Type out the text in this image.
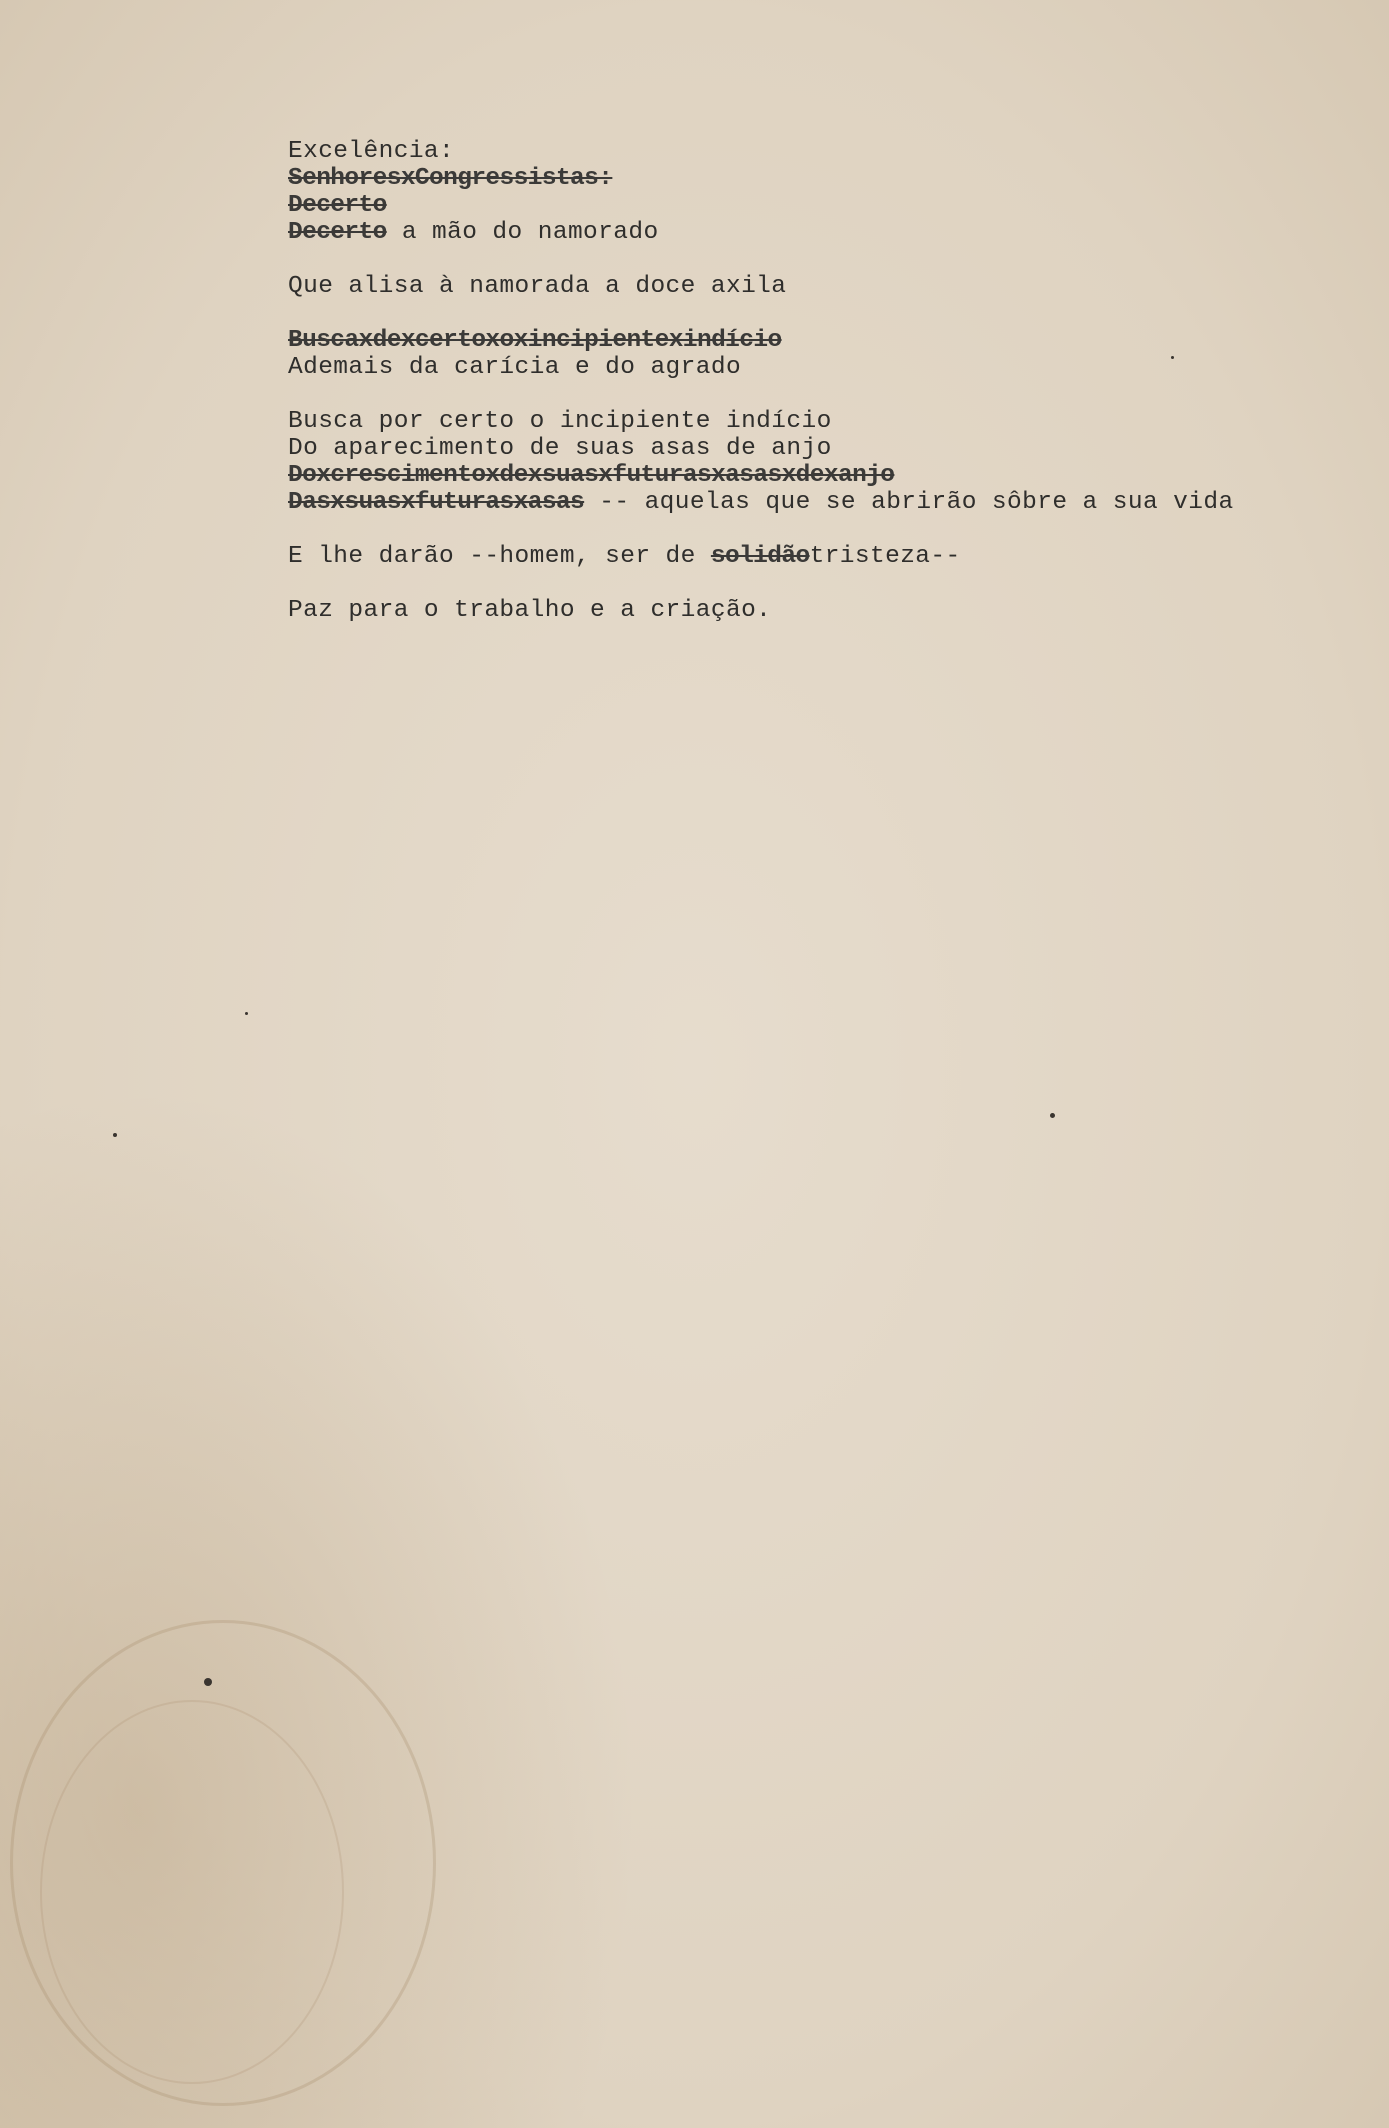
Excelência:
SenhoresxCongressistas:
Decerto
Decerto a mão do namorado
Que alisa à namorada a doce axila
Buscaxdexcertoxoxincipientexindício
Ademais da carícia e do agrado
Busca por certo o incipiente indício
Do aparecimento de suas asas de anjo
Doxcrescimentoxdexsuasxfuturasxasasxdexanjo
Dasxsuasxfuturasxasas -- aquelas que se abrirão sôbre a sua vida
E lhe darão --homem, ser de solidãotristeza--
Paz para o trabalho e a criação.
